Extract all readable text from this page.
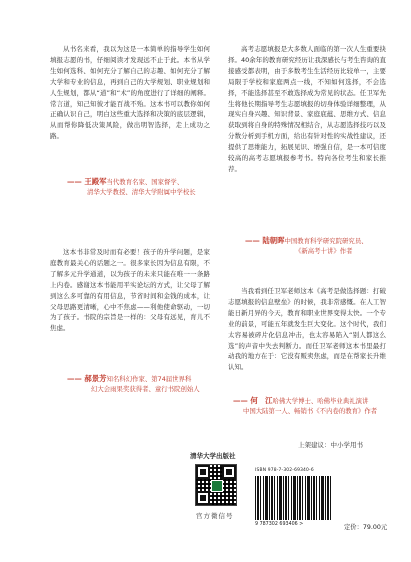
从书名来看，我以为这是一本简单的指导学生如何填报志愿的书，仔细阅读才发现远不止于此。本书从学生如何选科、如何充分了解自己的志趣、如何充分了解大学和专业的信息，再到自己的大学规划、职业规划和人生规划，都从“道”和“术”的角度进行了详细的阐释。常言道，知己知彼才能百战不殆。这本书可以教你如何正确认识自己，明白这些重大选择和决策的底层逻辑，从而帮你降低决策风险，做出明智选择，走上成功之路。

—— 王殿军当代教育名家、国家督学、
清华大学教授、清华大学附属中学校长

这本书非常及时而有必要！孩子的升学问题，是家庭教育最关心的话题之一。很多家长因为信息有限，不了解多元升学通道，以为孩子的未来只能在唯一一条路上内卷。感谢这本书能用平实论坛的方式，让父母了解到这么多可靠的有用信息，节省时间和金钱的成本，让父母思路更清晰，心中不焦虑——利他使命驱动，一切为了孩子。书院的宗旨是一样的：父母有远见，育儿不焦虑。

—— 郝景芳知名科幻作家、第74届世界科
幻大会雨果奖获得者、童行书院创始人

高考志愿填报是大多数人面临的第一次人生重要抉择。40余年的教育研究经历让我深感长与考生咨询的直接感受都表明，由于多数考生生活经历比较单一，主要局限于学校和家庭两点一线，不知如何选择，不会选择，不能选择甚至不敢选择成为常见的状态。任卫军先生将他长期指导考生志愿填报的切身体验详细整理，从现实自身兴趣、知识背景、家庭底蕴、思维方式、信息获取到将自身的特殊情况相结合，从志愿选择技巧以及分数分析到手机方面，给出有针对性的实战性建议，还提供了思维能力，拓展见识、增强自信，是一本可信度较高的高考志愿填报参考书。特向各位考生和家长推荐。

—— 陆朝晖中国教育科学研究院研究员、
《新高考十讲》作者

当我看到任卫军老师这本《高考是做选择题：打破志愿填报的信息壁垒》的时候，我非常感慨。在人工智能日新月异的今天，教育和职业世界变得太快。一个专业的前景，可能五年就发生巨大变化。这个时代，我们太容易被碎片化信息冲击，也太容易陷入“别人都这么选”的声音中失去判断力。而任卫军老师这本书里最打动我的地方在于：它没有贩卖焦虑，而是在帮家长升维认知。

—— 何　江哈佛大学博士、哈佛毕业典礼演讲
中国大陆第一人、畅销书《不内卷的教育》作者
上架建议：中小学用书
清华大学出版社
官方微信号
ISBN 978-7-302-69340-6
9 787302 693406 >	定价：79.00元
